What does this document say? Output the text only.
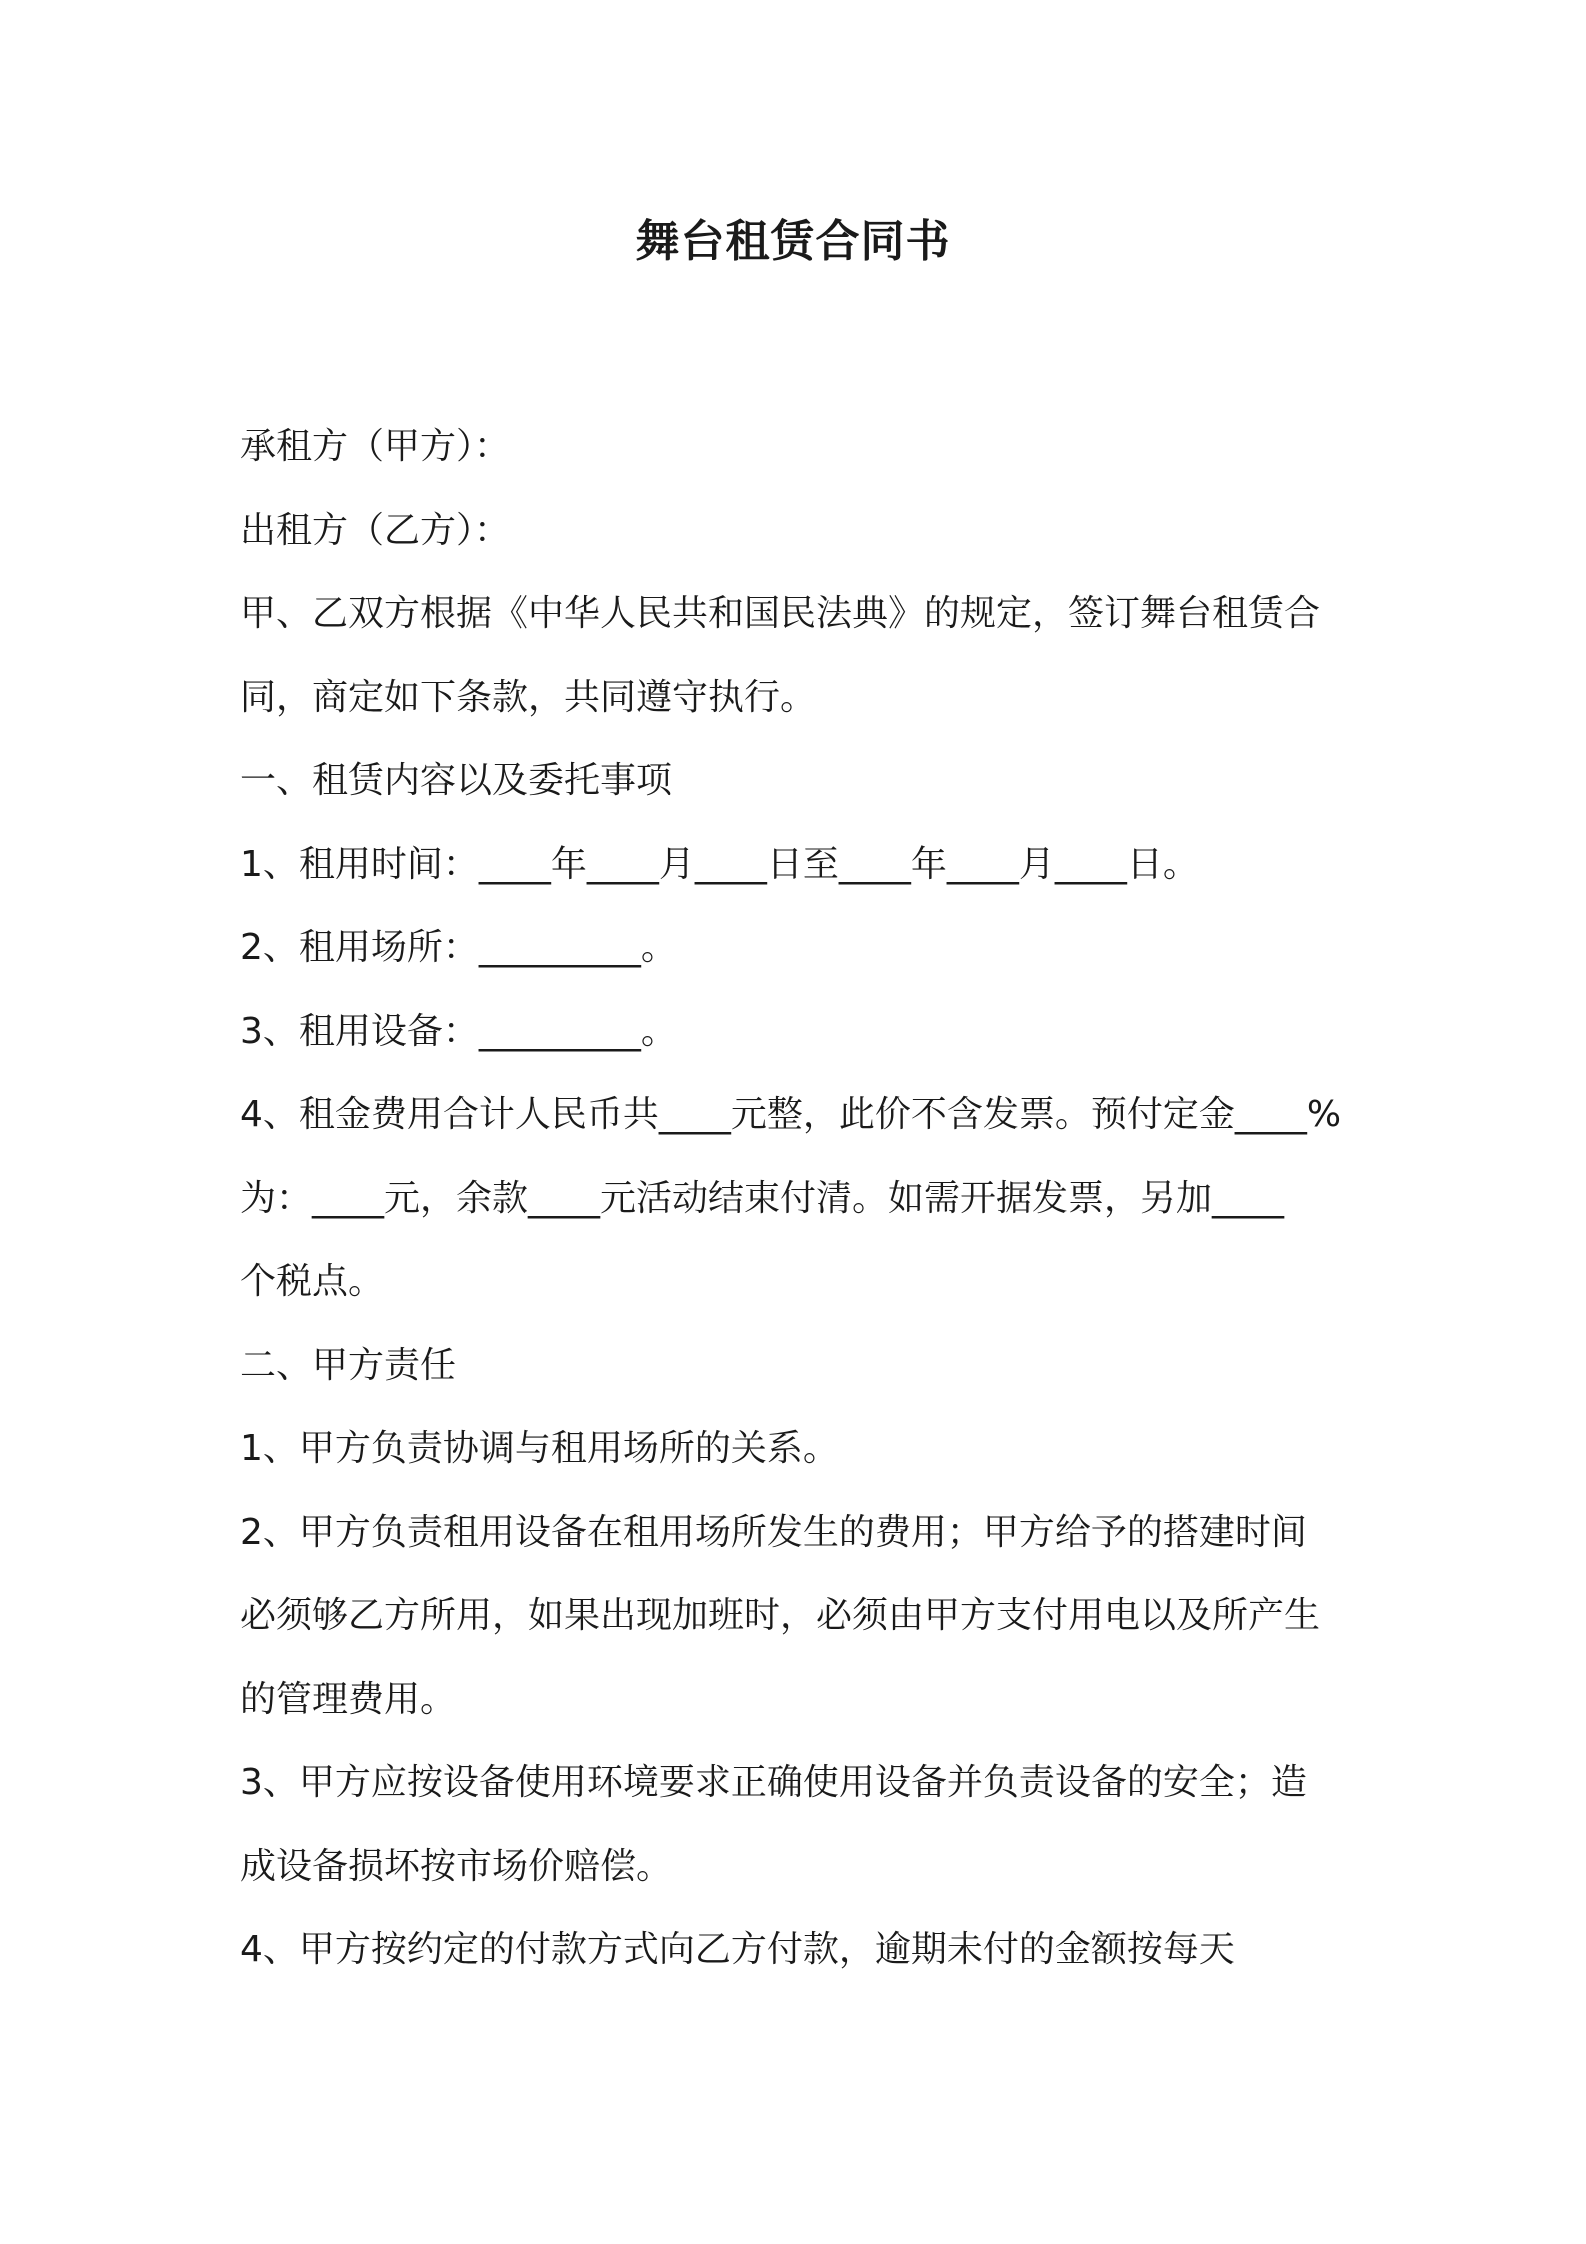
舞台租赁合同书

承租方（甲方）：

出租方（乙方）：

甲、乙双方根据《中华人民共和国民法典》的规定，签订舞台租赁合

同，商定如下条款，共同遵守执行。

一、租赁内容以及委托事项

1、租用时间：____年____月____日至____年____月____日。

2、租用场所：_________。

3、租用设备：_________。

4、租金费用合计人民币共____元整，此价不含发票。预付定金____%

为：____元，余款____元活动结束付清。如需开据发票，另加____

个税点。

二、甲方责任

1、甲方负责协调与租用场所的关系。

2、甲方负责租用设备在租用场所发生的费用；甲方给予的搭建时间

必须够乙方所用，如果出现加班时，必须由甲方支付用电以及所产生

的管理费用。

3、甲方应按设备使用环境要求正确使用设备并负责设备的安全；造

成设备损坏按市场价赔偿。

4、甲方按约定的付款方式向乙方付款，逾期未付的金额按每天
